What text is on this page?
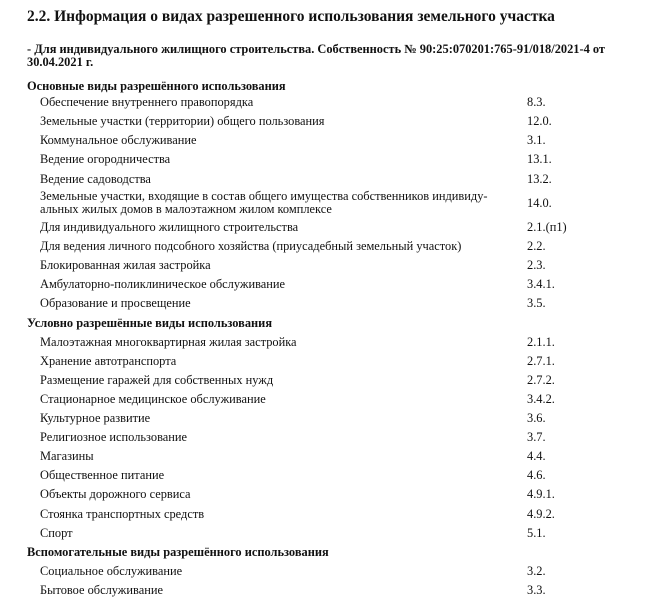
2.2. Информация о видах разрешенного использования земельного участка
- Для индивидуального жилищного строительства. Собственность № 90:25:070201:765-91/018/2021-4 от 30.04.2021 г.
Основные виды разрешённого использования
Обеспечение внутреннего правопорядка	8.3.
Земельные участки (территории) общего пользования	12.0.
Коммунальное обслуживание	3.1.
Ведение огородничества	13.1.
Ведение садоводства	13.2.
Земельные участки, входящие в состав общего имущества собственников индивиду-альных жилых домов в малоэтажном жилом комплексе	14.0.
Для индивидуального жилищного строительства	2.1.(п1)
Для ведения личного подсобного хозяйства (приусадебный земельный участок)	2.2.
Блокированная жилая застройка	2.3.
Амбулаторно-поликлиническое обслуживание	3.4.1.
Образование и просвещение	3.5.
Условно разрешённые виды использования
Малоэтажная многоквартирная жилая застройка	2.1.1.
Хранение автотранспорта	2.7.1.
Размещение гаражей для собственных нужд	2.7.2.
Стационарное медицинское обслуживание	3.4.2.
Культурное развитие	3.6.
Религиозное использование	3.7.
Магазины	4.4.
Общественное питание	4.6.
Объекты дорожного сервиса	4.9.1.
Стоянка транспортных средств	4.9.2.
Спорт	5.1.
Вспомогательные виды разрешённого использования
Социальное обслуживание	3.2.
Бытовое обслуживание	3.3.
